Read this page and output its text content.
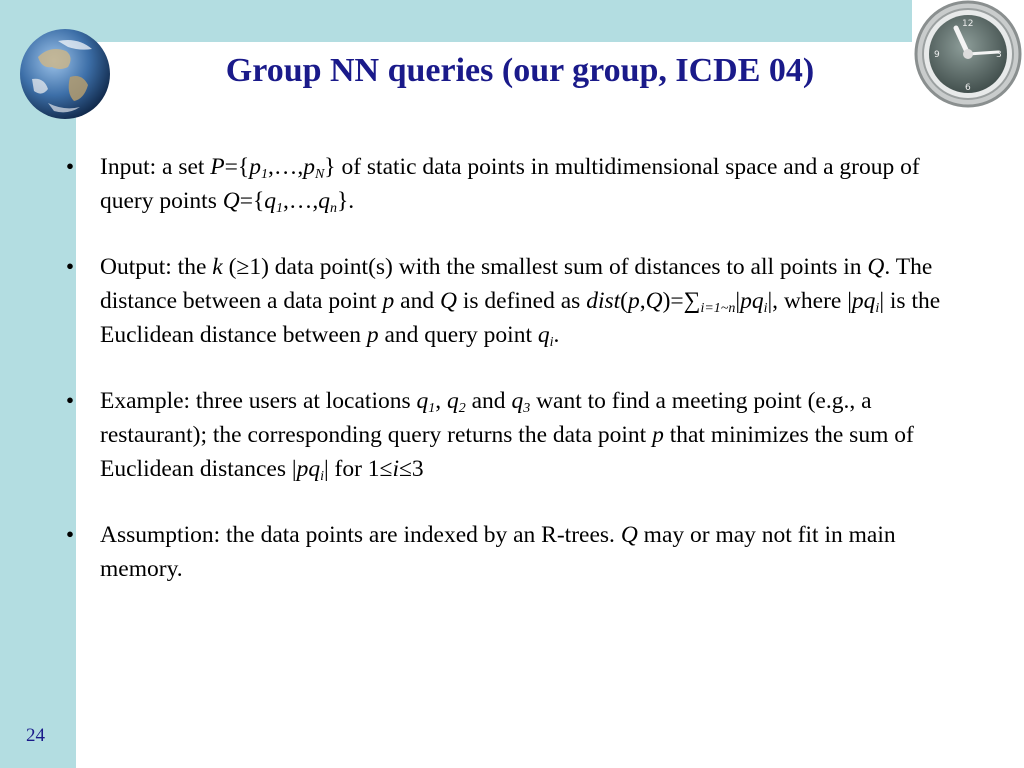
12
3
6
9
Group NN queries (our group, ICDE 04)
• Input: a set $P=\{p_1,\dots,p_N\}$ of static data points in multidimensional space and a group of query points $Q=\{q_1,\dots,q_n\}$.
• Output: the k (≥1) data point(s) with the smallest sum of distances to all points in Q. The distance between a data point p and Q is defined as $dist(p,Q)=\sum_{i=1\sim n}|pq_i|$, where $|pq_i|$ is the Euclidean distance between p and query point $q_i$.
• Example: three users at locations $q_1$, $q_2$ and $q_3$ want to find a meeting point (e.g., a restaurant); the corresponding query returns the data point p that minimizes the sum of Euclidean distances $|pq_i|$ for 1≤i≤3
• Assumption: the data points are indexed by an R-trees. Q may or may not fit in main memory.
24
